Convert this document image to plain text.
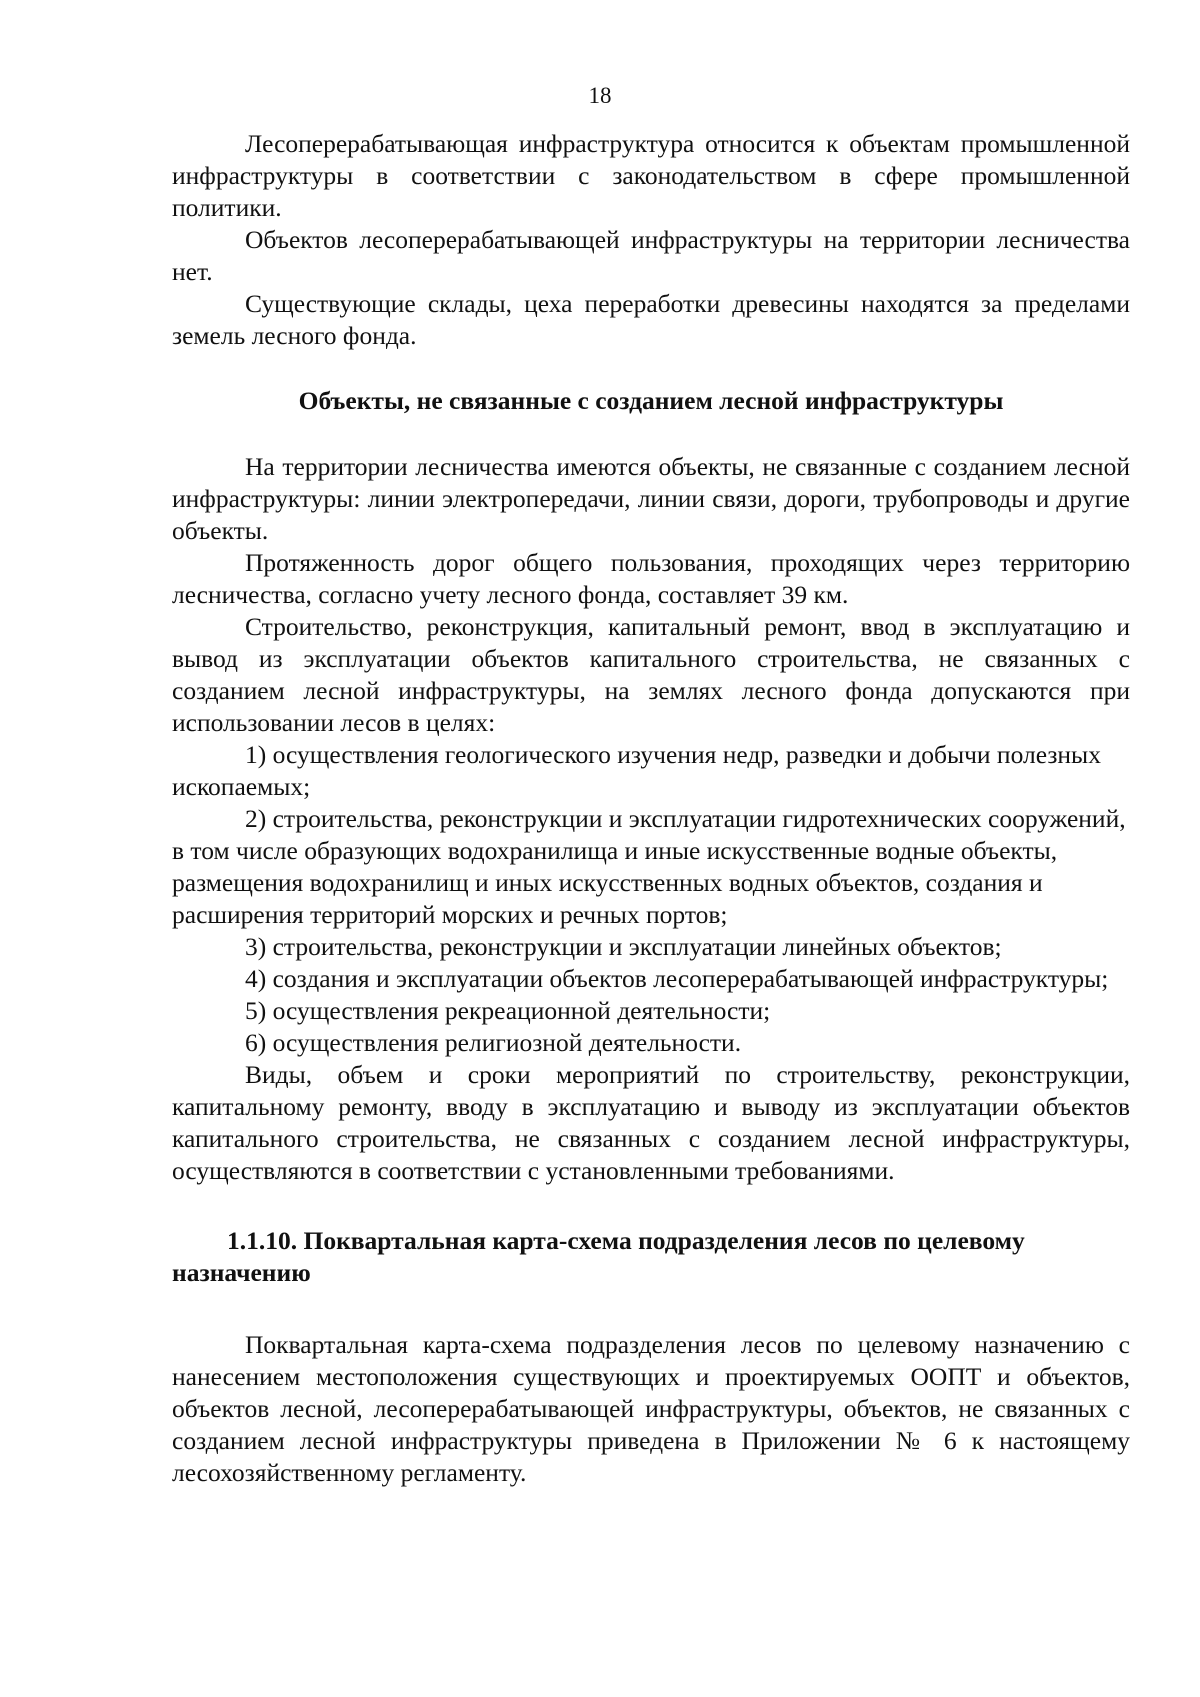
18

Лесоперерабатывающая инфраструктура относится к объектам промышленной инфраструктуры в соответствии с законодательством в сфере промышленной политики.

Объектов лесоперерабатывающей инфраструктуры на территории лесничества нет.

Существующие склады, цеха переработки древесины находятся за пределами земель лесного фонда.

Объекты, не связанные с созданием лесной инфраструктуры

На территории лесничества имеются объекты, не связанные с созданием лесной инфраструктуры: линии электропередачи, линии связи, дороги, трубопроводы и другие объекты.

Протяженность дорог общего пользования, проходящих через территорию лесничества, согласно учету лесного фонда, составляет 39 км.

Строительство, реконструкция, капитальный ремонт, ввод в эксплуатацию и вывод из эксплуатации объектов капитального строительства, не связанных с созданием лесной инфраструктуры, на землях лесного фонда допускаются при использовании лесов в целях:

1) осуществления геологического изучения недр, разведки и добычи полезных ископаемых;

2) строительства, реконструкции и эксплуатации гидротехнических сооружений, в том числе образующих водохранилища и иные искусственные водные объекты, размещения водохранилищ и иных искусственных водных объектов, создания и расширения территорий морских и речных портов;

3) строительства, реконструкции и эксплуатации линейных объектов;

4) создания и эксплуатации объектов лесоперерабатывающей инфраструктуры;

5) осуществления рекреационной деятельности;

6) осуществления религиозной деятельности.

Виды, объем и сроки мероприятий по строительству, реконструкции, капитальному ремонту, вводу в эксплуатацию и выводу из эксплуатации объектов капитального строительства, не связанных с созданием лесной инфраструктуры, осуществляются в соответствии с установленными требованиями.

1.1.10. Поквартальная карта-схема подразделения лесов по целевому назначению

Поквартальная карта-схема подразделения лесов по целевому назначению с нанесением местоположения существующих и проектируемых ООПТ и объектов, объектов лесной, лесоперерабатывающей инфраструктуры, объектов, не связанных с созданием лесной инфраструктуры приведена в Приложении № 6 к настоящему лесохозяйственному регламенту.
